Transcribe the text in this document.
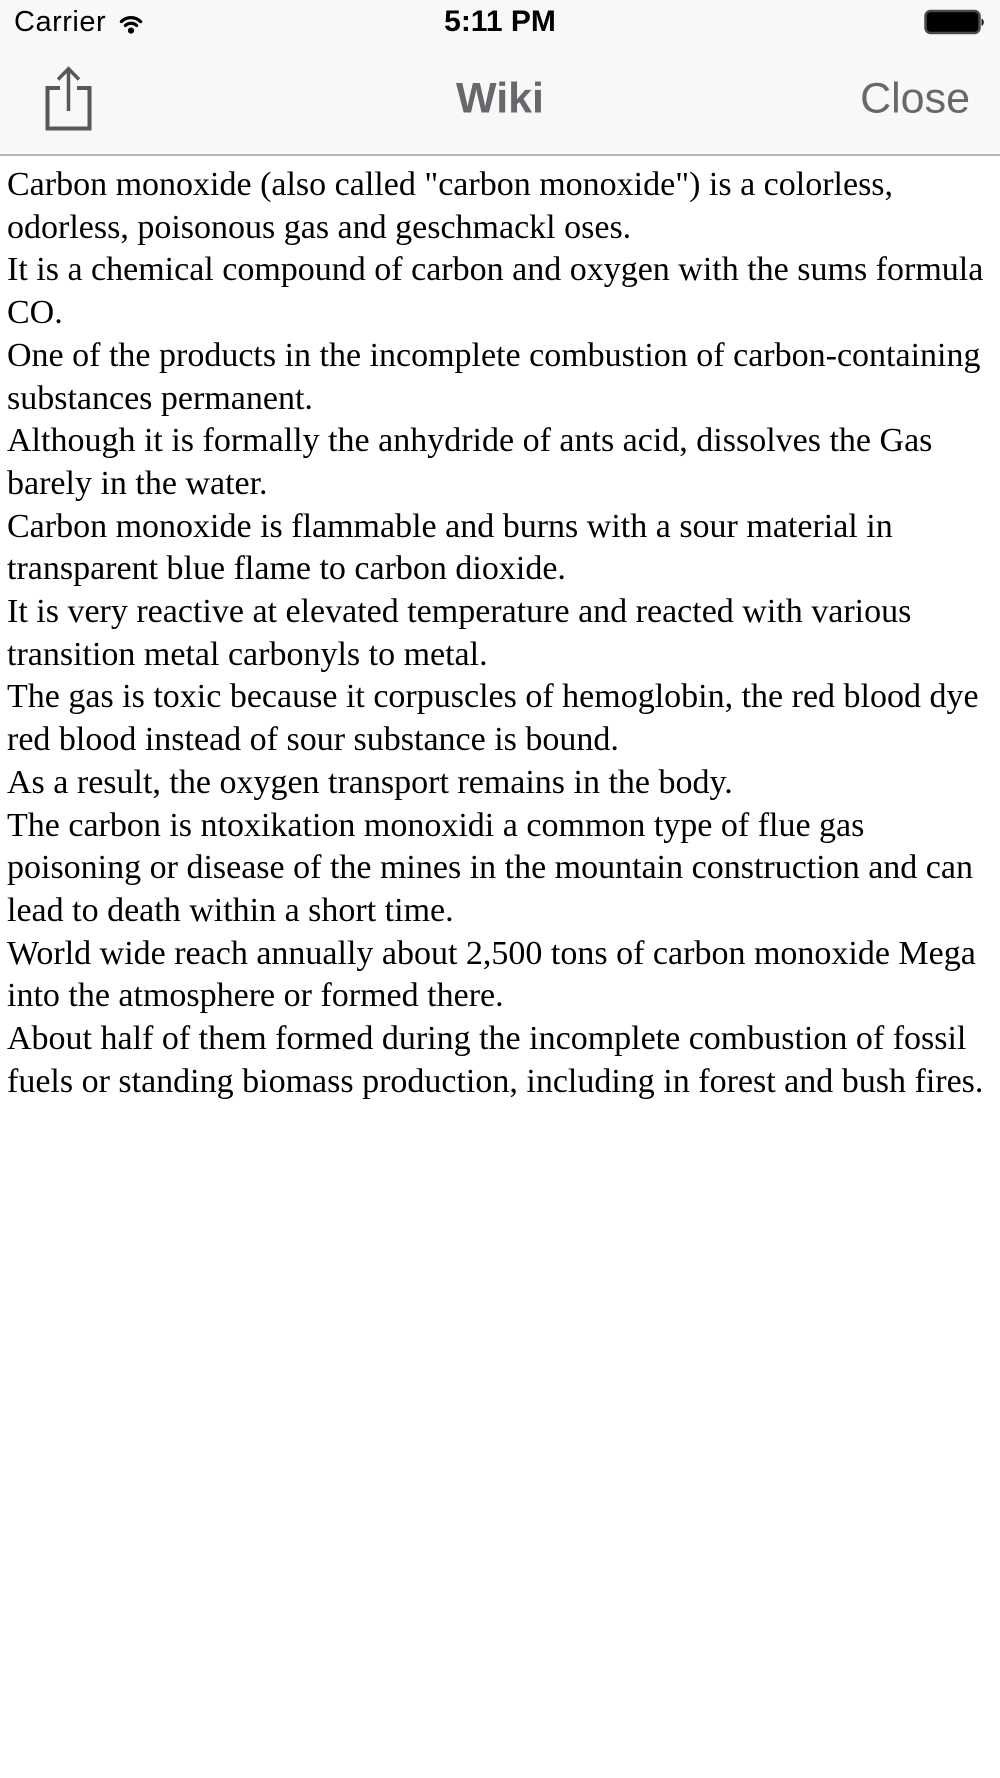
Carrier	5:11 PM
Wiki	Close
Carbon monoxide (also called "carbon monoxide") is a colorless, odorless, poisonous gas and geschmackl oses.
It is a chemical compound of carbon and oxygen with the sums formula CO.
One of the products in the incomplete combustion of carbon-containing substances permanent.
Although it is formally the anhydride of ants acid, dissolves the Gas barely in the water.
Carbon monoxide is flammable and burns with a sour material in transparent blue flame to carbon dioxide.
It is very reactive at elevated temperature and reacted with various transition metal carbonyls to metal.
The gas is toxic because it corpuscles of hemoglobin, the red blood dye red blood instead of sour substance is bound.
As a result, the oxygen transport remains in the body.
The carbon is ntoxikation monoxidi a common type of flue gas poisoning or disease of the mines in the mountain construction and can lead to death within a short time.
World wide reach annually about 2,500 tons of carbon monoxide Mega into the atmosphere or formed there.
About half of them formed during the incomplete combustion of fossil fuels or standing biomass production, including in forest and bush fires.
